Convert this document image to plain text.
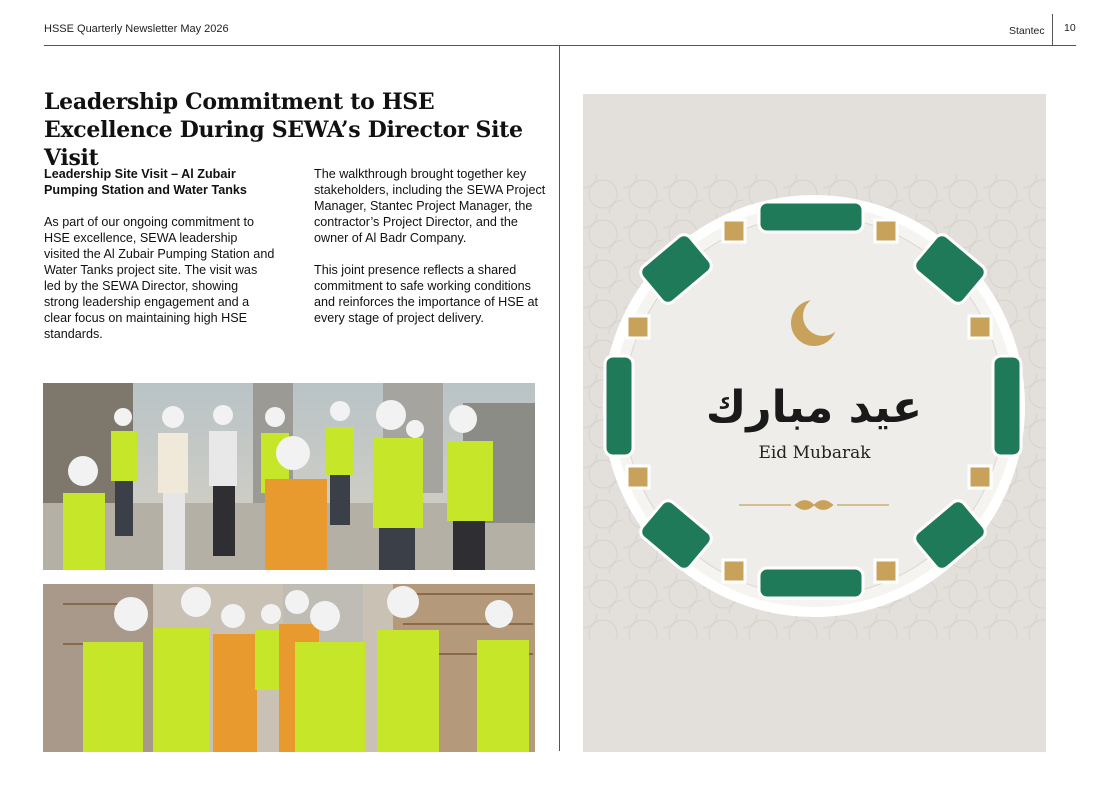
HSSE Quarterly Newsletter May 2026	Stantec 10
Leadership Commitment to HSE Excellence During SEWA’s Director Site Visit

Leadership Site Visit – Al Zubair Pumping Station and Water Tanks

As part of our ongoing commitment to HSE excellence, SEWA leadership visited the Al Zubair Pumping Station and Water Tanks project site. The visit was led by the SEWA Director, showing strong leadership engagement and a clear focus on maintaining high HSE standards.

The walkthrough brought together key stakeholders, including the SEWA Project Manager, Stantec Project Manager, the contractor’s Project Director, and the owner of Al Badr Company.

This joint presence reflects a shared commitment to safe working conditions and reinforces the importance of HSE at every stage of project delivery.

عيد مبارك
Eid Mubarak
